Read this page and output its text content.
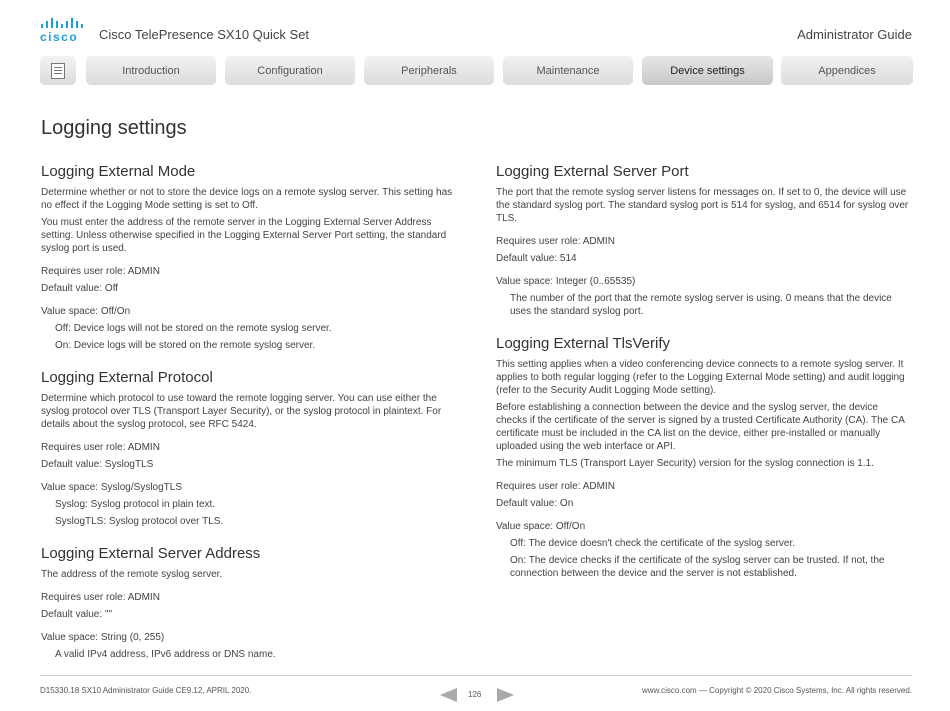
cisco Cisco TelePresence SX10 Quick Set	Administrator Guide
Introduction	Configuration	Peripherals	Maintenance	Device settings	Appendices
Logging settings
Logging External Mode

Determine whether or not to store the device logs on a remote syslog server. This setting has no effect if the Logging Mode setting is set to Off.

You must enter the address of the remote server in the Logging External Server Address setting. Unless otherwise specified in the Logging External Server Port setting, the standard syslog port is used.

Requires user role: ADMIN

Default value: Off

Value space: Off/On

Off: Device logs will not be stored on the remote syslog server.

On: Device logs will be stored on the remote syslog server.

Logging External Protocol

Determine which protocol to use toward the remote logging server. You can use either the syslog protocol over TLS (Transport Layer Security), or the syslog protocol in plaintext. For details about the syslog protocol, see RFC 5424.

Requires user role: ADMIN

Default value: SyslogTLS

Value space: Syslog/SyslogTLS

Syslog: Syslog protocol in plain text.

SyslogTLS: Syslog protocol over TLS.

Logging External Server Address

The address of the remote syslog server.

Requires user role: ADMIN

Default value: ""

Value space: String (0, 255)

A valid IPv4 address, IPv6 address or DNS name.

Logging External Server Port

The port that the remote syslog server listens for messages on. If set to 0, the device will use the standard syslog port. The standard syslog port is 514 for syslog, and 6514 for syslog over TLS.

Requires user role: ADMIN

Default value: 514

Value space: Integer (0..65535)

The number of the port that the remote syslog server is using. 0 means that the device uses the standard syslog port.

Logging External TlsVerify

This setting applies when a video conferencing device connects to a remote syslog server. It applies to both regular logging (refer to the Logging External Mode setting) and audit logging (refer to the Security Audit Logging Mode setting).

Before establishing a connection between the device and the syslog server, the device checks if the certificate of the server is signed by a trusted Certificate Authority (CA). The CA certificate must be included in the CA list on the device, either pre-installed or manually uploaded using the web interface or API.

The minimum TLS (Transport Layer Security) version for the syslog connection is 1.1.

Requires user role: ADMIN

Default value: On

Value space: Off/On

Off: The device doesn't check the certificate of the syslog server.

On: The device checks if the certificate of the syslog server can be trusted. If not, the connection between the device and the server is not established.

D15330.18 SX10 Administrator Guide CE9.12, APRIL 2020.	126	www.cisco.com — Copyright © 2020 Cisco Systems, Inc. All rights reserved.
